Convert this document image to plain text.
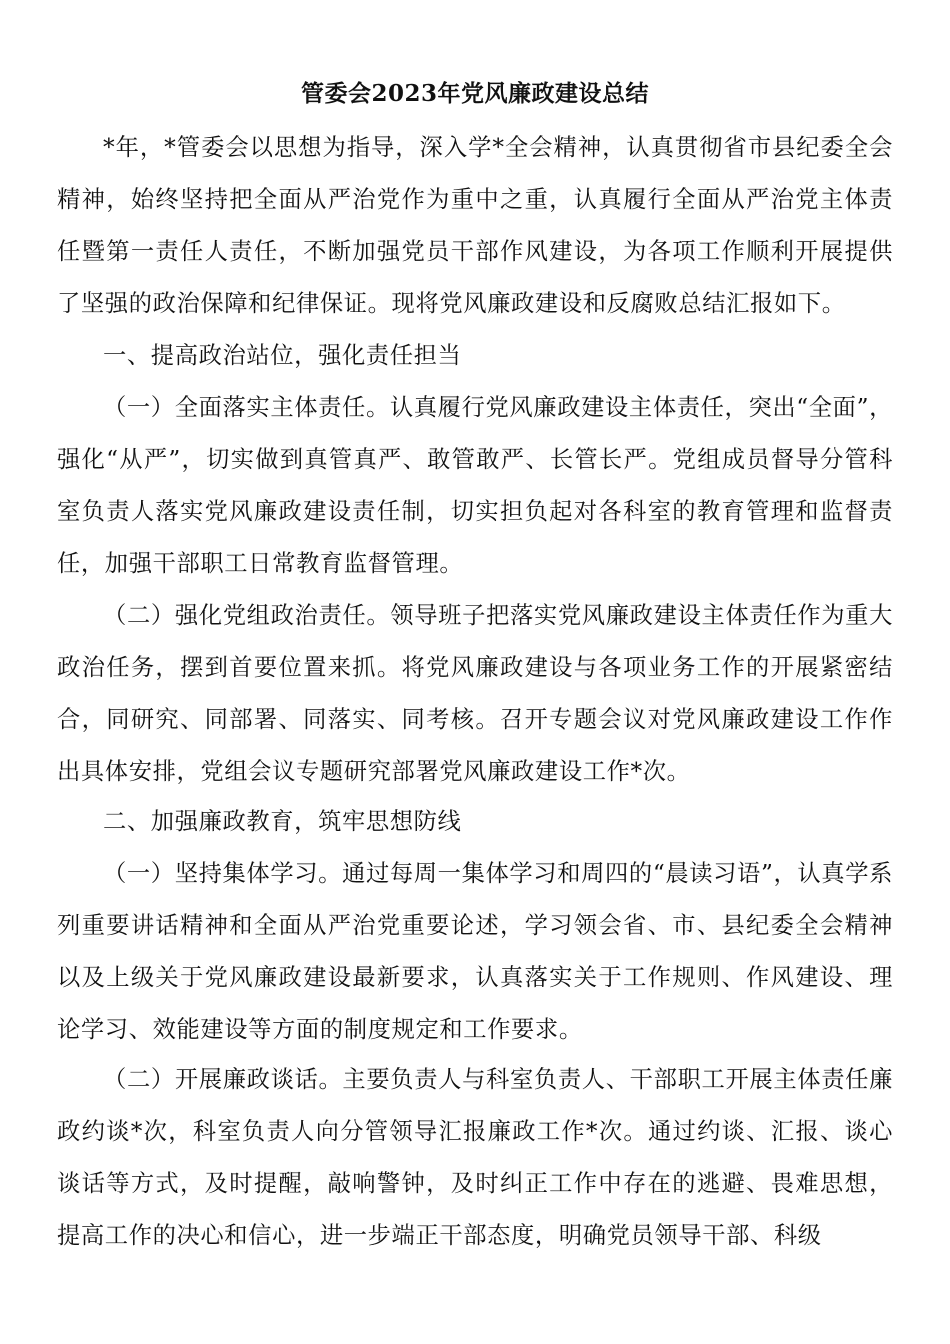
管委会2023年党风廉政建设总结

*年，*管委会以思想为指导，深入学*全会精神，认真贯彻省市县纪委全会精神，始终坚持把全面从严治党作为重中之重，认真履行全面从严治党主体责任暨第一责任人责任，不断加强党员干部作风建设，为各项工作顺利开展提供了坚强的政治保障和纪律保证。现将党风廉政建设和反腐败总结汇报如下。

一、提高政治站位，强化责任担当

（一）全面落实主体责任。认真履行党风廉政建设主体责任，突出“全面”，强化“从严”，切实做到真管真严、敢管敢严、长管长严。党组成员督导分管科室负责人落实党风廉政建设责任制，切实担负起对各科室的教育管理和监督责任，加强干部职工日常教育监督管理。

（二）强化党组政治责任。领导班子把落实党风廉政建设主体责任作为重大政治任务，摆到首要位置来抓。将党风廉政建设与各项业务工作的开展紧密结合，同研究、同部署、同落实、同考核。召开专题会议对党风廉政建设工作作出具体安排，党组会议专题研究部署党风廉政建设工作*次。

二、加强廉政教育，筑牢思想防线

（一）坚持集体学习。通过每周一集体学习和周四的“晨读习语”，认真学系列重要讲话精神和全面从严治党重要论述，学习领会省、市、县纪委全会精神以及上级关于党风廉政建设最新要求，认真落实关于工作规则、作风建设、理论学习、效能建设等方面的制度规定和工作要求。

（二）开展廉政谈话。主要负责人与科室负责人、干部职工开展主体责任廉政约谈*次，科室负责人向分管领导汇报廉政工作*次。通过约谈、汇报、谈心谈话等方式，及时提醒，敲响警钟，及时纠正工作中存在的逃避、畏难思想，提高工作的决心和信心，进一步端正干部态度，明确党员领导干部、科级
